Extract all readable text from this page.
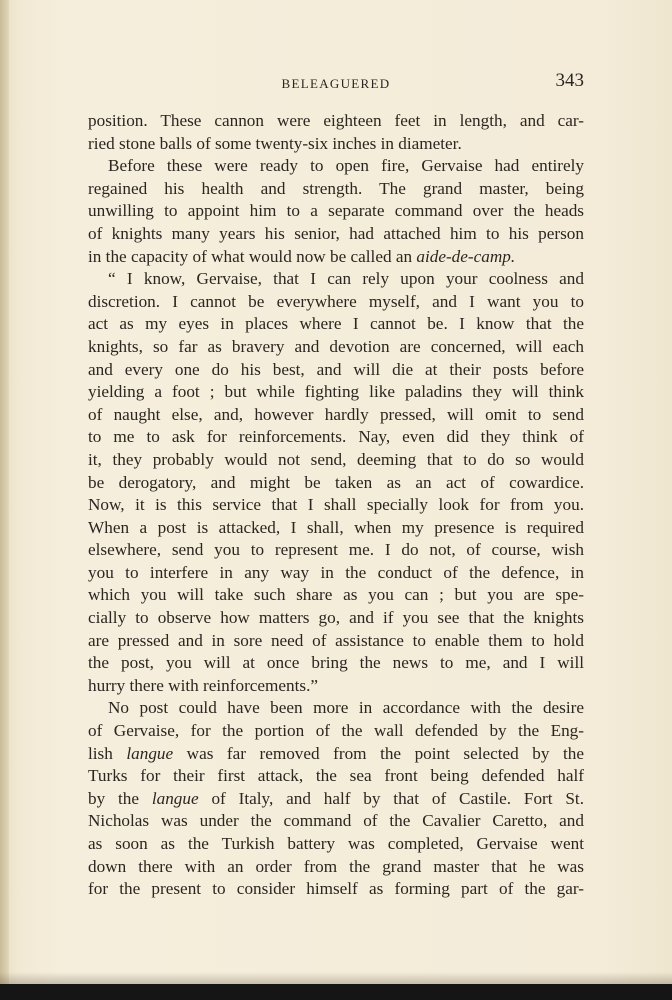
BELEAGUERED	343

position. These cannon were eighteen feet in length, and car-
ried stone balls of some twenty-six inches in diameter.

Before these were ready to open fire, Gervaise had entirely
regained his health and strength. The grand master, being
unwilling to appoint him to a separate command over the heads
of knights many years his senior, had attached him to his person
in the capacity of what would now be called an aide-de-camp.

“ I know, Gervaise, that I can rely upon your coolness and
discretion. I cannot be everywhere myself, and I want you to
act as my eyes in places where I cannot be. I know that the
knights, so far as bravery and devotion are concerned, will each
and every one do his best, and will die at their posts before
yielding a foot ; but while fighting like paladins they will think
of naught else, and, however hardly pressed, will omit to send
to me to ask for reinforcements. Nay, even did they think of
it, they probably would not send, deeming that to do so would
be derogatory, and might be taken as an act of cowardice.
Now, it is this service that I shall specially look for from you.
When a post is attacked, I shall, when my presence is required
elsewhere, send you to represent me. I do not, of course, wish
you to interfere in any way in the conduct of the defence, in
which you will take such share as you can ; but you are spe-
cially to observe how matters go, and if you see that the knights
are pressed and in sore need of assistance to enable them to hold
the post, you will at once bring the news to me, and I will
hurry there with reinforcements.”

No post could have been more in accordance with the desire
of Gervaise, for the portion of the wall defended by the Eng-
lish langue was far removed from the point selected by the
Turks for their first attack, the sea front being defended half
by the langue of Italy, and half by that of Castile. Fort St.
Nicholas was under the command of the Cavalier Caretto, and
as soon as the Turkish battery was completed, Gervaise went
down there with an order from the grand master that he was
for the present to consider himself as forming part of the gar-
